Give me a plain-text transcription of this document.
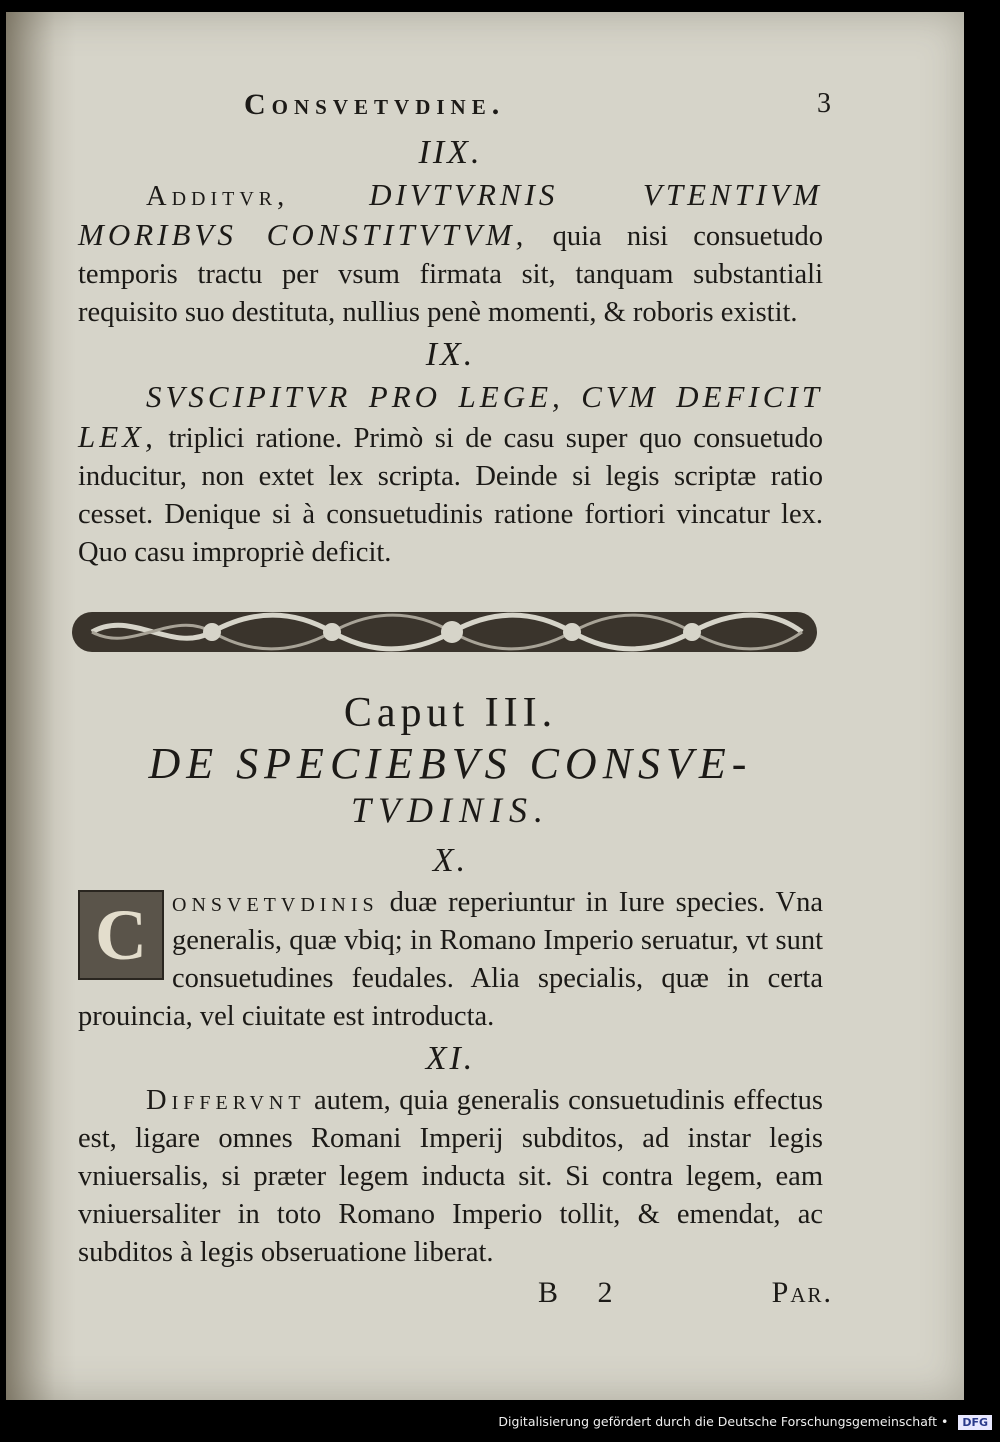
Consvetvdine.	3
IIX.

Additvr,	DIVTVRNIS VTENTIVM MORIBVS CONSTITVTVM, quia nisi consuetudo temporis tractu per vsum firmata sit, tanquam substantiali requisito suo destituta, nullius penè momenti, & roboris existit.

IX.

SVSCIPITVR PRO LEGE, CVM DEFICIT LEX, triplici ratione. Primò si de casu super quo consuetudo inducitur, non extet lex scripta. Deinde si legis scriptæ ratio cesset. Denique si à consuetudinis ratione fortiori vincatur lex. Quo casu impropriè deficit.

Caput III.
DE SPECIEBVS CONSVE-
TVDINIS.
X.

C onsvetvdinis duæ reperiuntur in Iure species. Vna generalis, quæ vbiq; in Romano Imperio seruatur, vt sunt consuetudines feudales. Alia specialis, quæ in certa prouincia, vel ciuitate est introducta.

XI.

Differvnt autem, quia generalis consuetudinis effectus est, ligare omnes Romani Imperij subditos, ad instar legis vniuersalis, si præter legem inducta sit. Si contra legem, eam vniuersaliter in toto Romano Imperio tollit, & emendat, ac subditos à legis obseruatione liberat.

B 2	Par.
Digitalisierung gefördert durch die Deutsche Forschungsgemeinschaft • DFG
